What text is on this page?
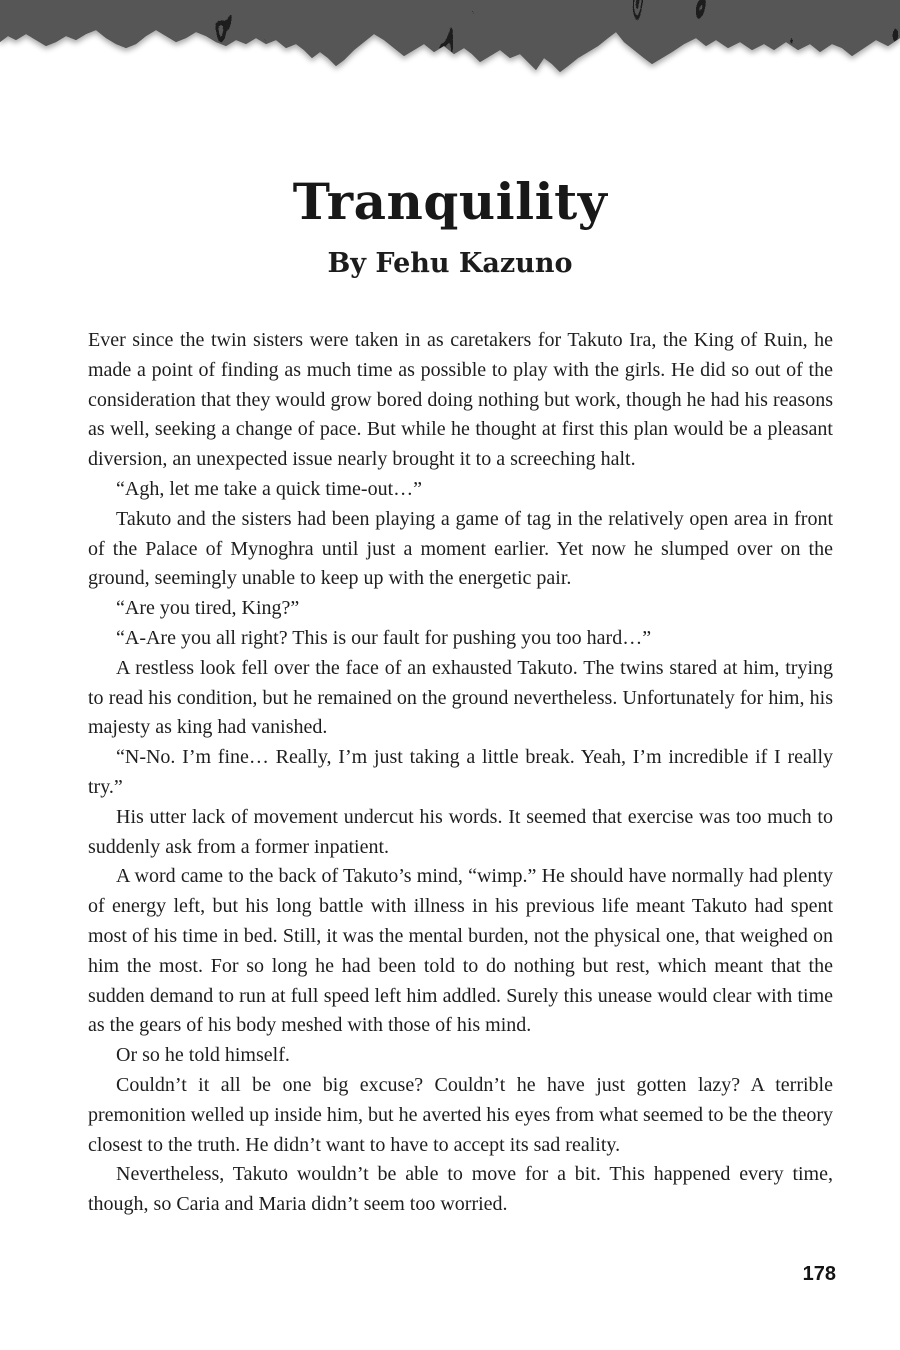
Tranquility
By Fehu Kazuno

Ever since the twin sisters were taken in as caretakers for Takuto Ira, the King of Ruin, he made a point of finding as much time as possible to play with the girls. He did so out of the consideration that they would grow bored doing nothing but work, though he had his reasons as well, seeking a change of pace. But while he thought at first this plan would be a pleasant diversion, an unexpected issue nearly brought it to a screeching halt.

“Agh, let me take a quick time-out…”

Takuto and the sisters had been playing a game of tag in the relatively open area in front of the Palace of Mynoghra until just a moment earlier. Yet now he slumped over on the ground, seemingly unable to keep up with the energetic pair.

“Are you tired, King?”

“A-Are you all right? This is our fault for pushing you too hard…”

A restless look fell over the face of an exhausted Takuto. The twins stared at him, trying to read his condition, but he remained on the ground nevertheless. Unfortunately for him, his majesty as king had vanished.

“N-No. I’m fine… Really, I’m just taking a little break. Yeah, I’m incredible if I really try.”

His utter lack of movement undercut his words. It seemed that exercise was too much to suddenly ask from a former inpatient.

A word came to the back of Takuto’s mind, “wimp.” He should have normally had plenty of energy left, but his long battle with illness in his previous life meant Takuto had spent most of his time in bed. Still, it was the mental burden, not the physical one, that weighed on him the most. For so long he had been told to do nothing but rest, which meant that the sudden demand to run at full speed left him addled. Surely this unease would clear with time as the gears of his body meshed with those of his mind.

Or so he told himself.

Couldn’t it all be one big excuse? Couldn’t he have just gotten lazy? A terrible premonition welled up inside him, but he averted his eyes from what seemed to be the theory closest to the truth. He didn’t want to have to accept its sad reality.

Nevertheless, Takuto wouldn’t be able to move for a bit. This happened every time, though, so Caria and Maria didn’t seem too worried.

178
